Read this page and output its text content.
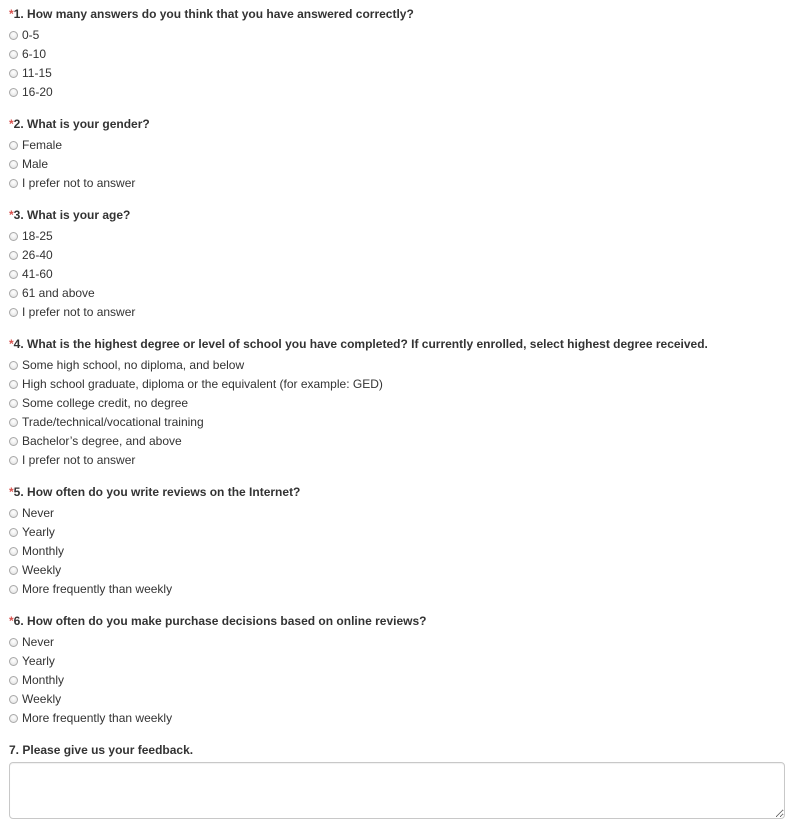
*1. How many answers do you think that you have answered correctly?
0-5
6-10
11-15
16-20
*2. What is your gender?
Female
Male
I prefer not to answer
*3. What is your age?
18-25
26-40
41-60
61 and above
I prefer not to answer
*4. What is the highest degree or level of school you have completed? If currently enrolled, select highest degree received.
Some high school, no diploma, and below
High school graduate, diploma or the equivalent (for example: GED)
Some college credit, no degree
Trade/technical/vocational training
Bachelor’s degree, and above
I prefer not to answer
*5. How often do you write reviews on the Internet?
Never
Yearly
Monthly
Weekly
More frequently than weekly
*6. How often do you make purchase decisions based on online reviews?
Never
Yearly
Monthly
Weekly
More frequently than weekly
7. Please give us your feedback.
